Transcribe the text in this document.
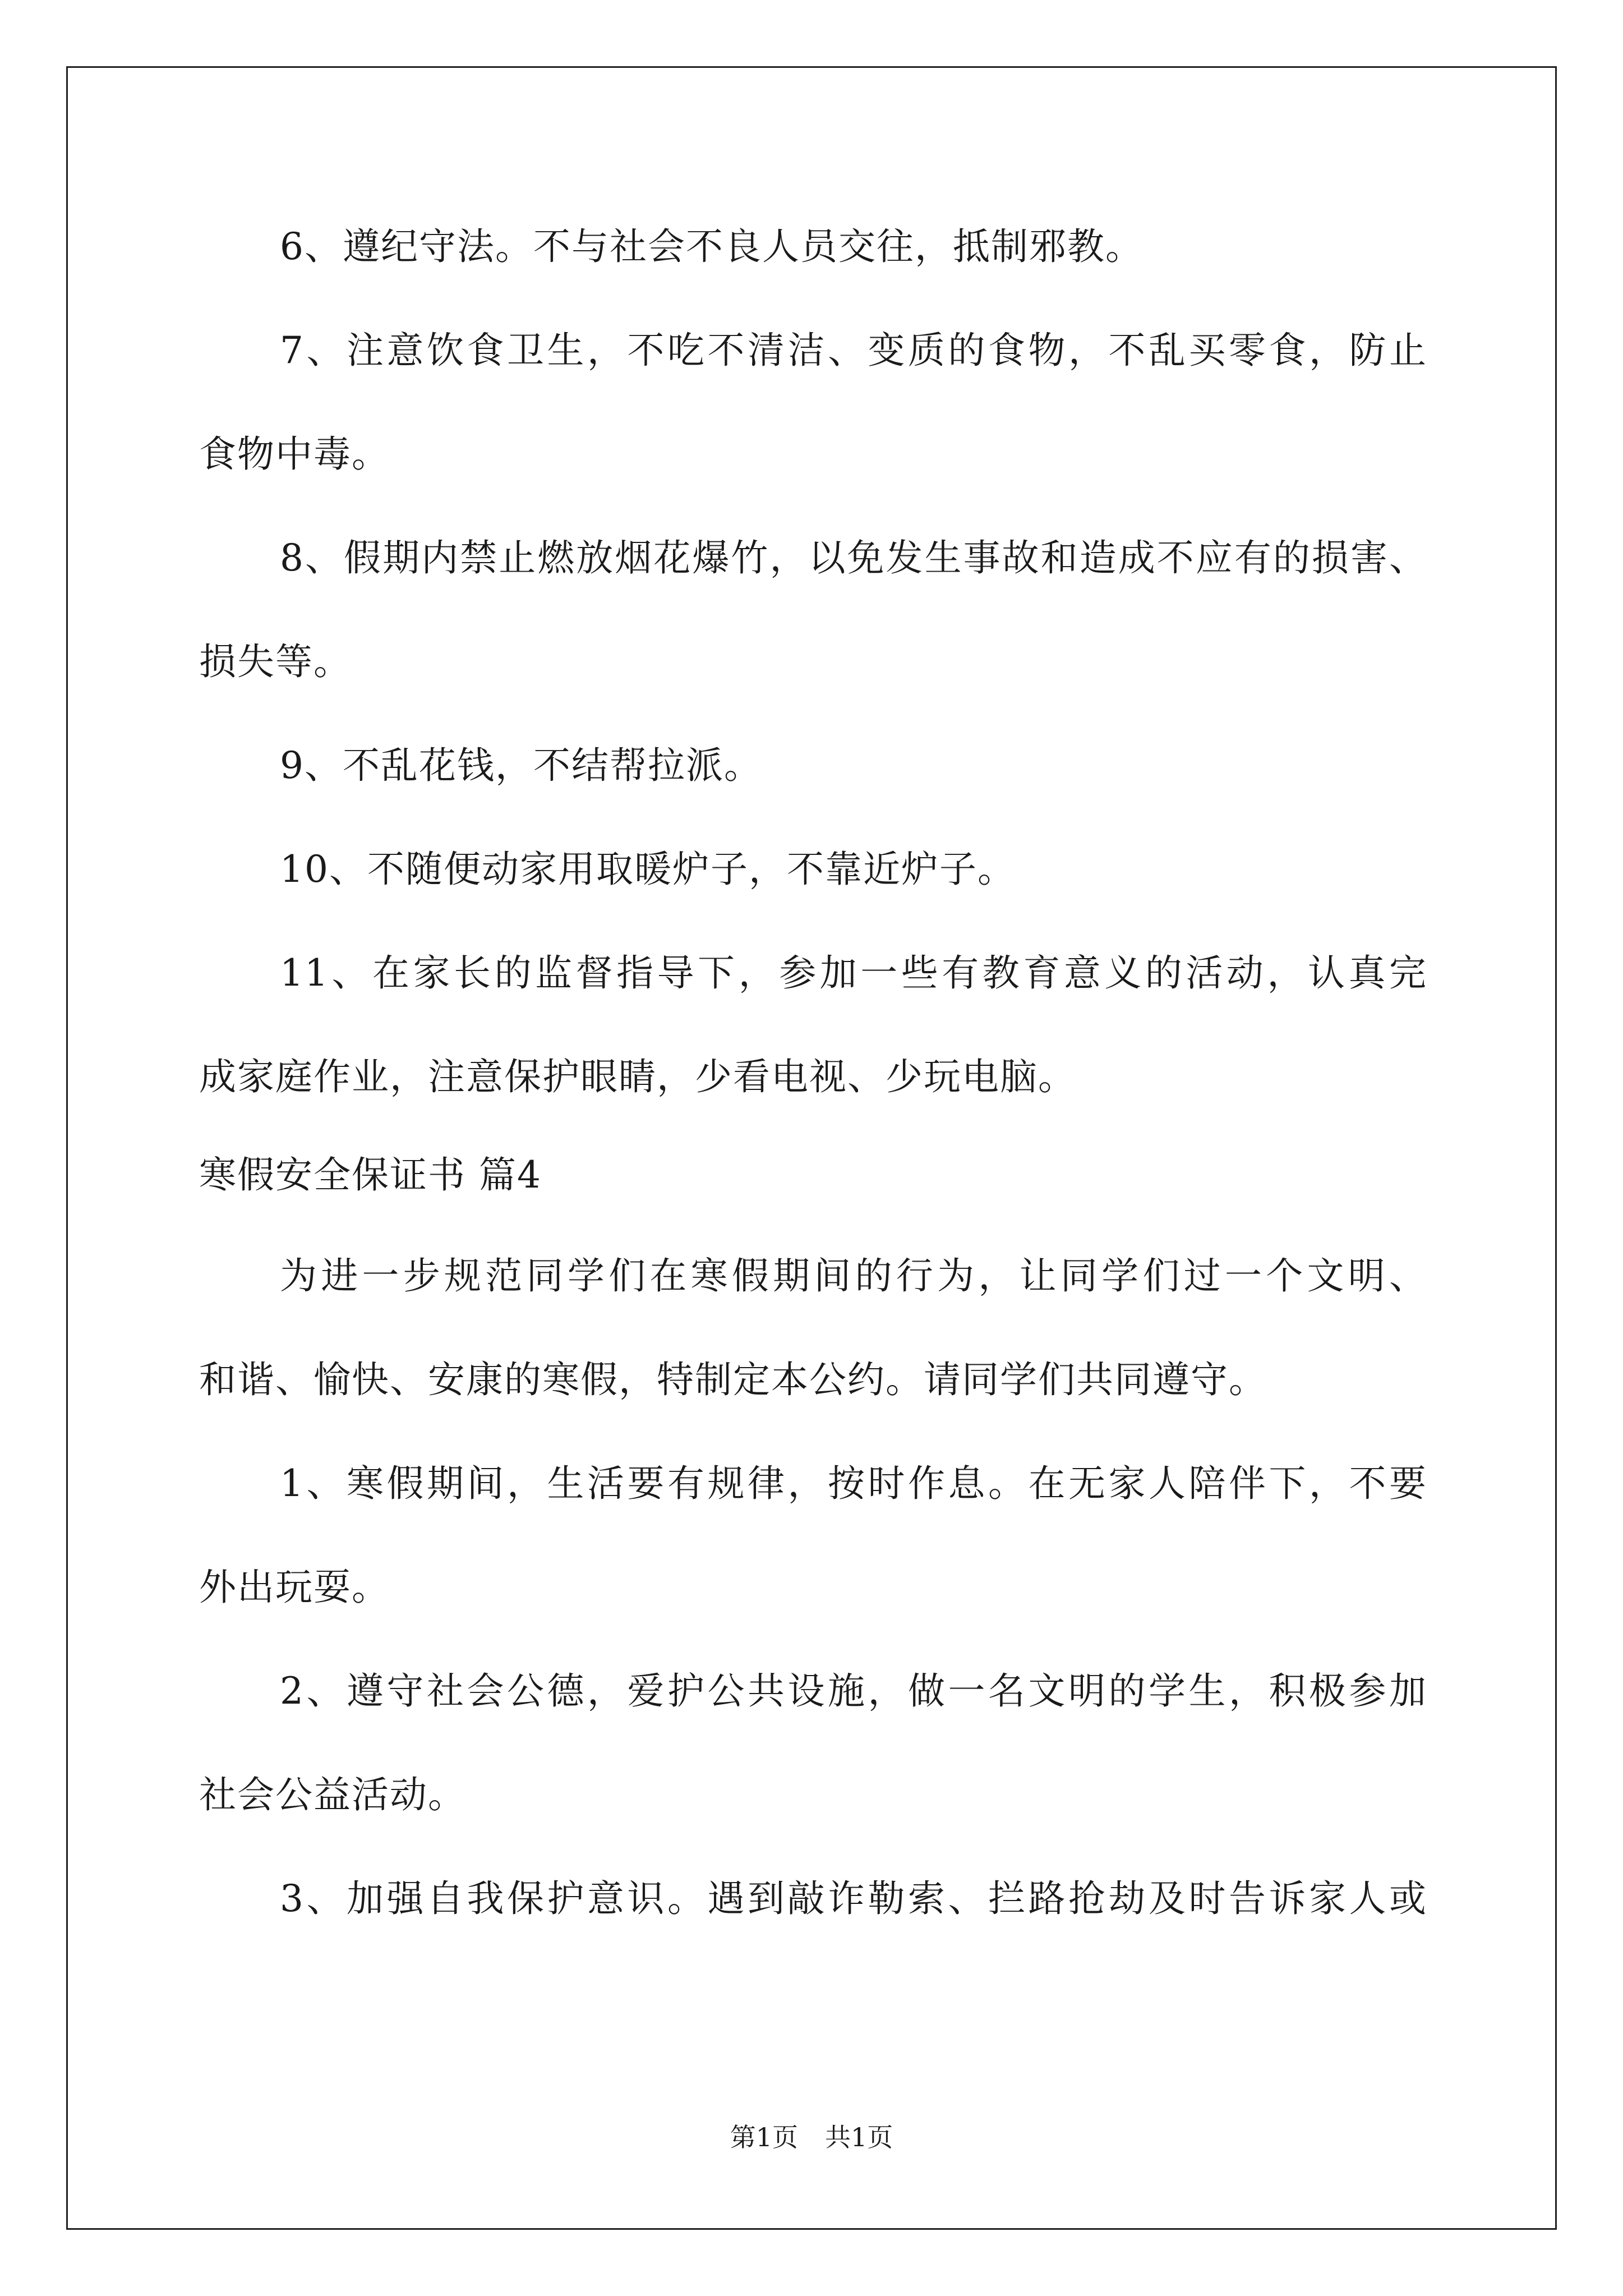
6、遵纪守法。不与社会不良人员交往，抵制邪教。
7、注意饮食卫生，不吃不清洁、变质的食物，不乱买零食，防止
食物中毒。
8、假期内禁止燃放烟花爆竹，以免发生事故和造成不应有的损害、
损失等。
9、不乱花钱，不结帮拉派。
10、不随便动家用取暖炉子，不靠近炉子。
11、在家长的监督指导下，参加一些有教育意义的活动，认真完
成家庭作业，注意保护眼睛，少看电视、少玩电脑。
寒假安全保证书 篇4
为进一步规范同学们在寒假期间的行为，让同学们过一个文明、
和谐、愉快、安康的寒假，特制定本公约。请同学们共同遵守。
1、寒假期间，生活要有规律，按时作息。在无家人陪伴下，不要
外出玩耍。
2、遵守社会公德，爱护公共设施，做一名文明的学生，积极参加
社会公益活动。
3、加强自我保护意识。遇到敲诈勒索、拦路抢劫及时告诉家人或
第1页 共1页
